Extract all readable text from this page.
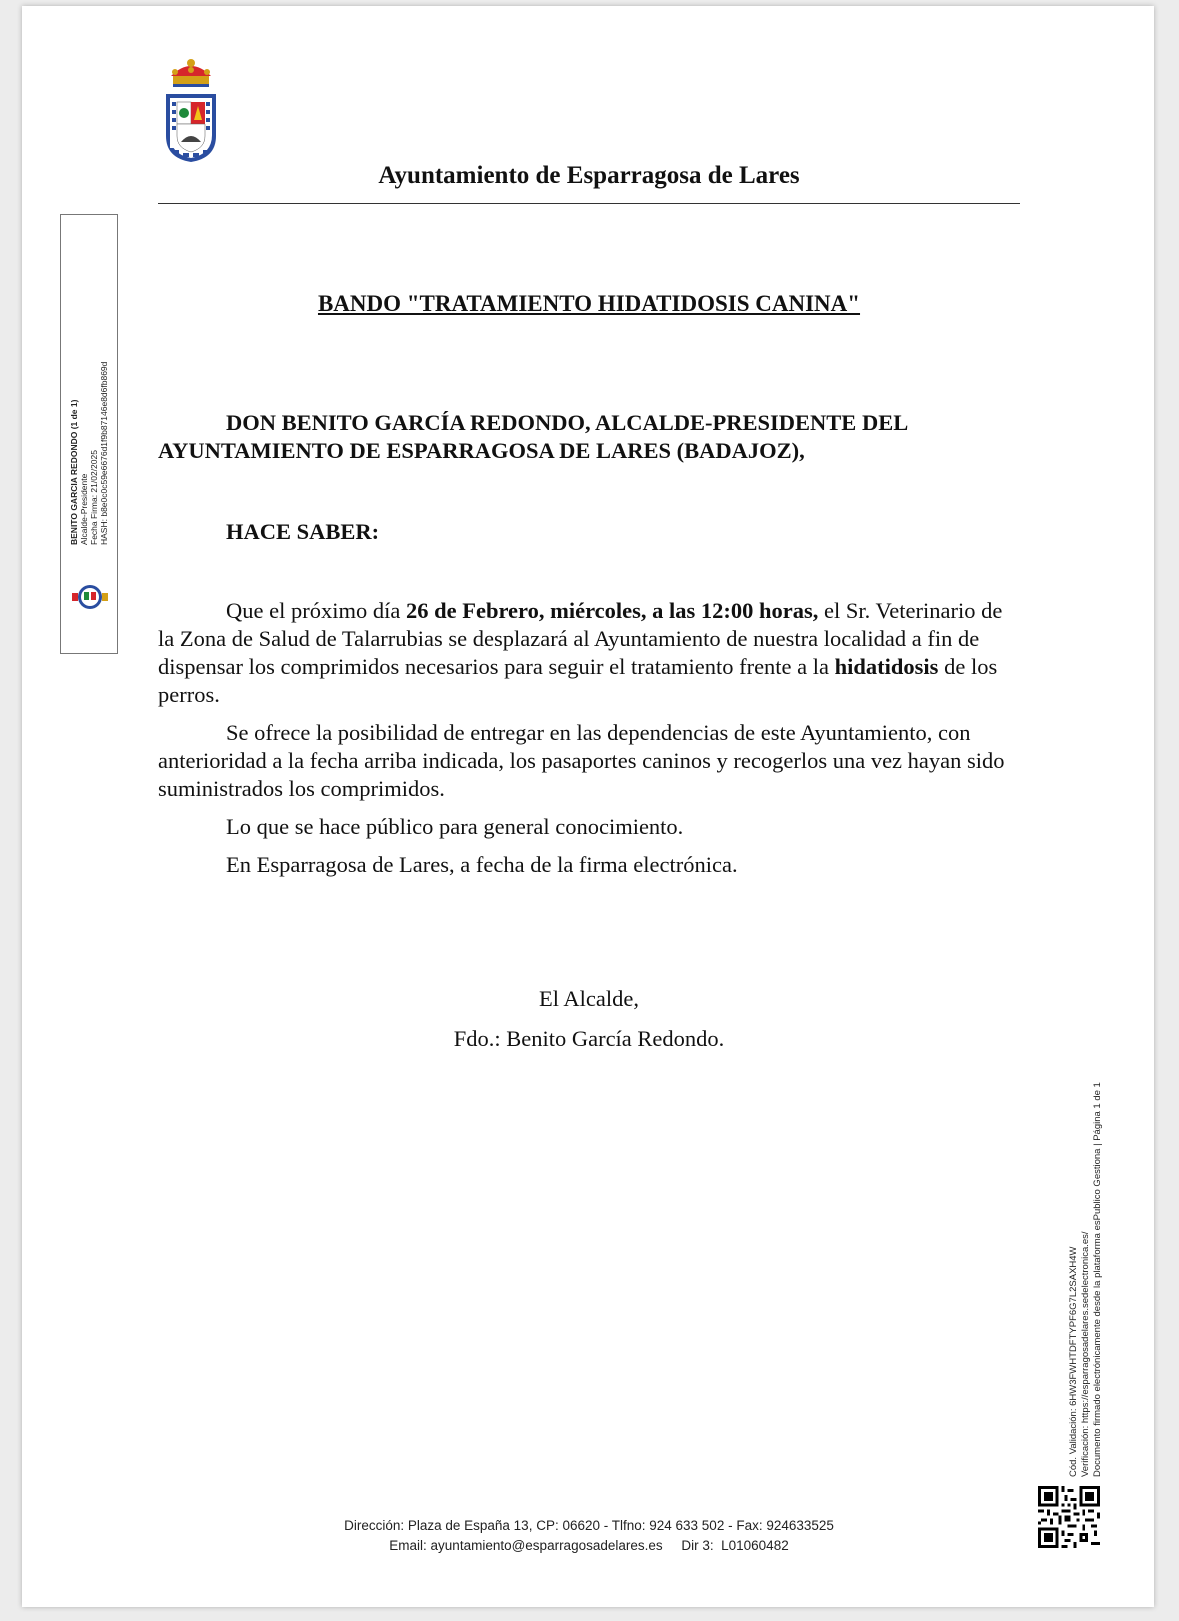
Ayuntamiento de Esparragosa de Lares
BANDO "TRATAMIENTO HIDATIDOSIS CANINA"
DON BENITO GARCÍA REDONDO, ALCALDE-PRESIDENTE DEL
AYUNTAMIENTO DE ESPARRAGOSA DE LARES (BADAJOZ),
HACE SABER:

Que el próximo día 26 de Febrero, miércoles, a las 12:00 horas, el Sr. Veterinario de la Zona de Salud de Talarrubias se desplazará al Ayuntamiento de nuestra localidad a fin de dispensar los comprimidos necesarios para seguir el tratamiento frente a la hidatidosis de los perros.

Se ofrece la posibilidad de entregar en las dependencias de este Ayuntamiento, con anterioridad a la fecha arriba indicada, los pasaportes caninos y recogerlos una vez hayan sido suministrados los comprimidos.

Lo que se hace público para general conocimiento.

En Esparragosa de Lares, a fecha de la firma electrónica.

El Alcalde,
Fdo.: Benito García Redondo.
BENITO GARCIA REDONDO (1 de 1) Alcalde-Presidente Fecha Firma: 21/02/2025 HASH: b8e0c0c59e6676d1f9b87146e8d6fb869d
Cód. Validación: 6HW3FWHTDFTYPF6G7L2SAXH4W Verificación: https://esparragosadelares.sedelectronica.es/ Documento firmado electrónicamente desde la plataforma esPublico Gestiona | Página 1 de 1
Dirección: Plaza de España 13, CP: 06620 - Tlfno: 924 633 502 - Fax: 924633525
Email: ayuntamiento@esparragosadelares.es     Dir 3:  L01060482
